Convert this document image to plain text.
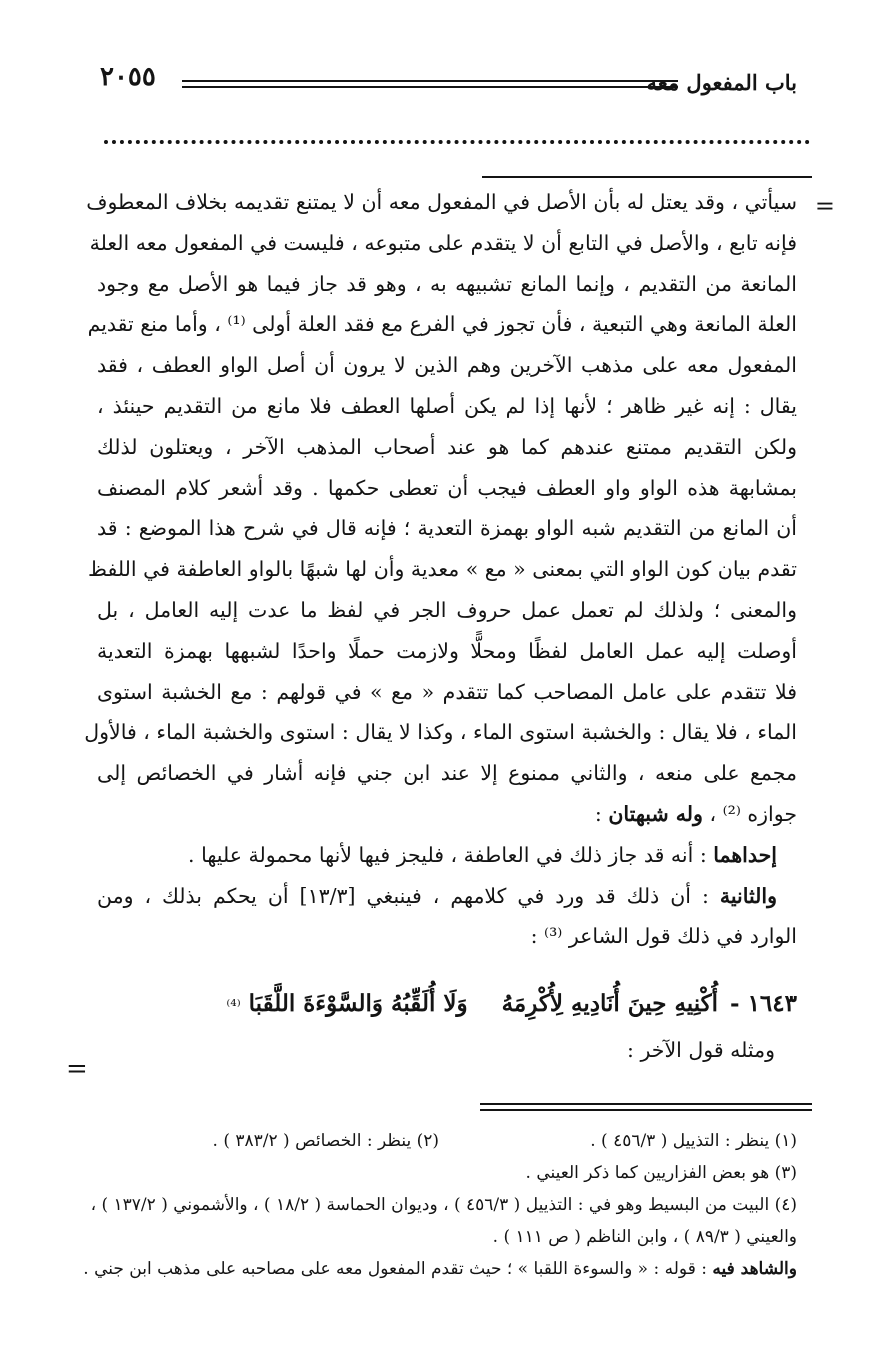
باب المفعول معه
٢٠٥٥
=
سيأتي ، وقد يعتل له بأن الأصل في المفعول معه أن لا يمتنع تقديمه بخلاف المعطوف
فإنه تابع ، والأصل في التابع أن لا يتقدم على متبوعه ، فليست في المفعول معه العلة
المانعة من التقديم ، وإنما المانع تشبيهه به ، وهو قد جاز فيما هو الأصل مع وجود
العلة المانعة وهي التبعية ، فأن تجوز في الفرع مع فقد العلة أولى ⁽¹⁾ ، وأما منع تقديم
المفعول معه على مذهب الآخرين وهم الذين لا يرون أن أصل الواو العطف ، فقد
يقال : إنه غير ظاهر ؛ لأنها إذا لم يكن أصلها العطف فلا مانع من التقديم حينئذ ،
ولكن التقديم ممتنع عندهم كما هو عند أصحاب المذهب الآخر ، ويعتلون لذلك
بمشابهة هذه الواو واو العطف فيجب أن تعطى حكمها . وقد أشعر كلام المصنف
أن المانع من التقديم شبه الواو بهمزة التعدية ؛ فإنه قال في شرح هذا الموضع : قد
تقدم بيان كون الواو التي بمعنى « مع » معدية وأن لها شبهًا بالواو العاطفة في اللفظ
والمعنى ؛ ولذلك لم تعمل عمل حروف الجر في لفظ ما عدت إليه العامل ، بل
أوصلت إليه عمل العامل لفظًا ومحلًّا ولازمت حملًا واحدًا لشبهها بهمزة التعدية
فلا تتقدم على عامل المصاحب كما تتقدم « مع » في قولهم : مع الخشبة استوى
الماء ، فلا يقال : والخشبة استوى الماء ، وكذا لا يقال : استوى والخشبة الماء ، فالأول
مجمع على منعه ، والثاني ممنوع إلا عند ابن جني فإنه أشار في الخصائص إلى
جوازه ⁽²⁾ ، وله شبهتان :
إحداهما : أنه قد جاز ذلك في العاطفة ، فليجز فيها لأنها محمولة عليها .
والثانية : أن ذلك قد ورد في كلامهم ، فينبغي [١٣/٣] أن يحكم بذلك ، ومن
الوارد في ذلك قول الشاعر ⁽³⁾ :
١٦٤٣ -أُكْنِيهِ حِينَ أُنَادِيهِ لِأُكْرِمَهُوَلَا أُلَقِّبُهُ وَالسَّوْءَةَ اللَّقَبَا ⁽⁴⁾
ومثله قول الآخر :
=
(١) ينظر : التذييل ( ٤٥٦/٣ ) .
(٢) ينظر : الخصائص ( ٣٨٣/٢ ) .
(٣) هو بعض الفزاريين كما ذكر العيني .
(٤) البيت من البسيط وهو في : التذييل ( ٤٥٦/٣ ) ، وديوان الحماسة ( ١٨/٢ ) ، والأشموني ( ١٣٧/٢ ) ،
والعيني ( ٨٩/٣ ) ، وابن الناظم ( ص ١١١ ) .
والشاهد فيه : قوله : « والسوءة اللقبا » ؛ حيث تقدم المفعول معه على مصاحبه على مذهب ابن جني .
